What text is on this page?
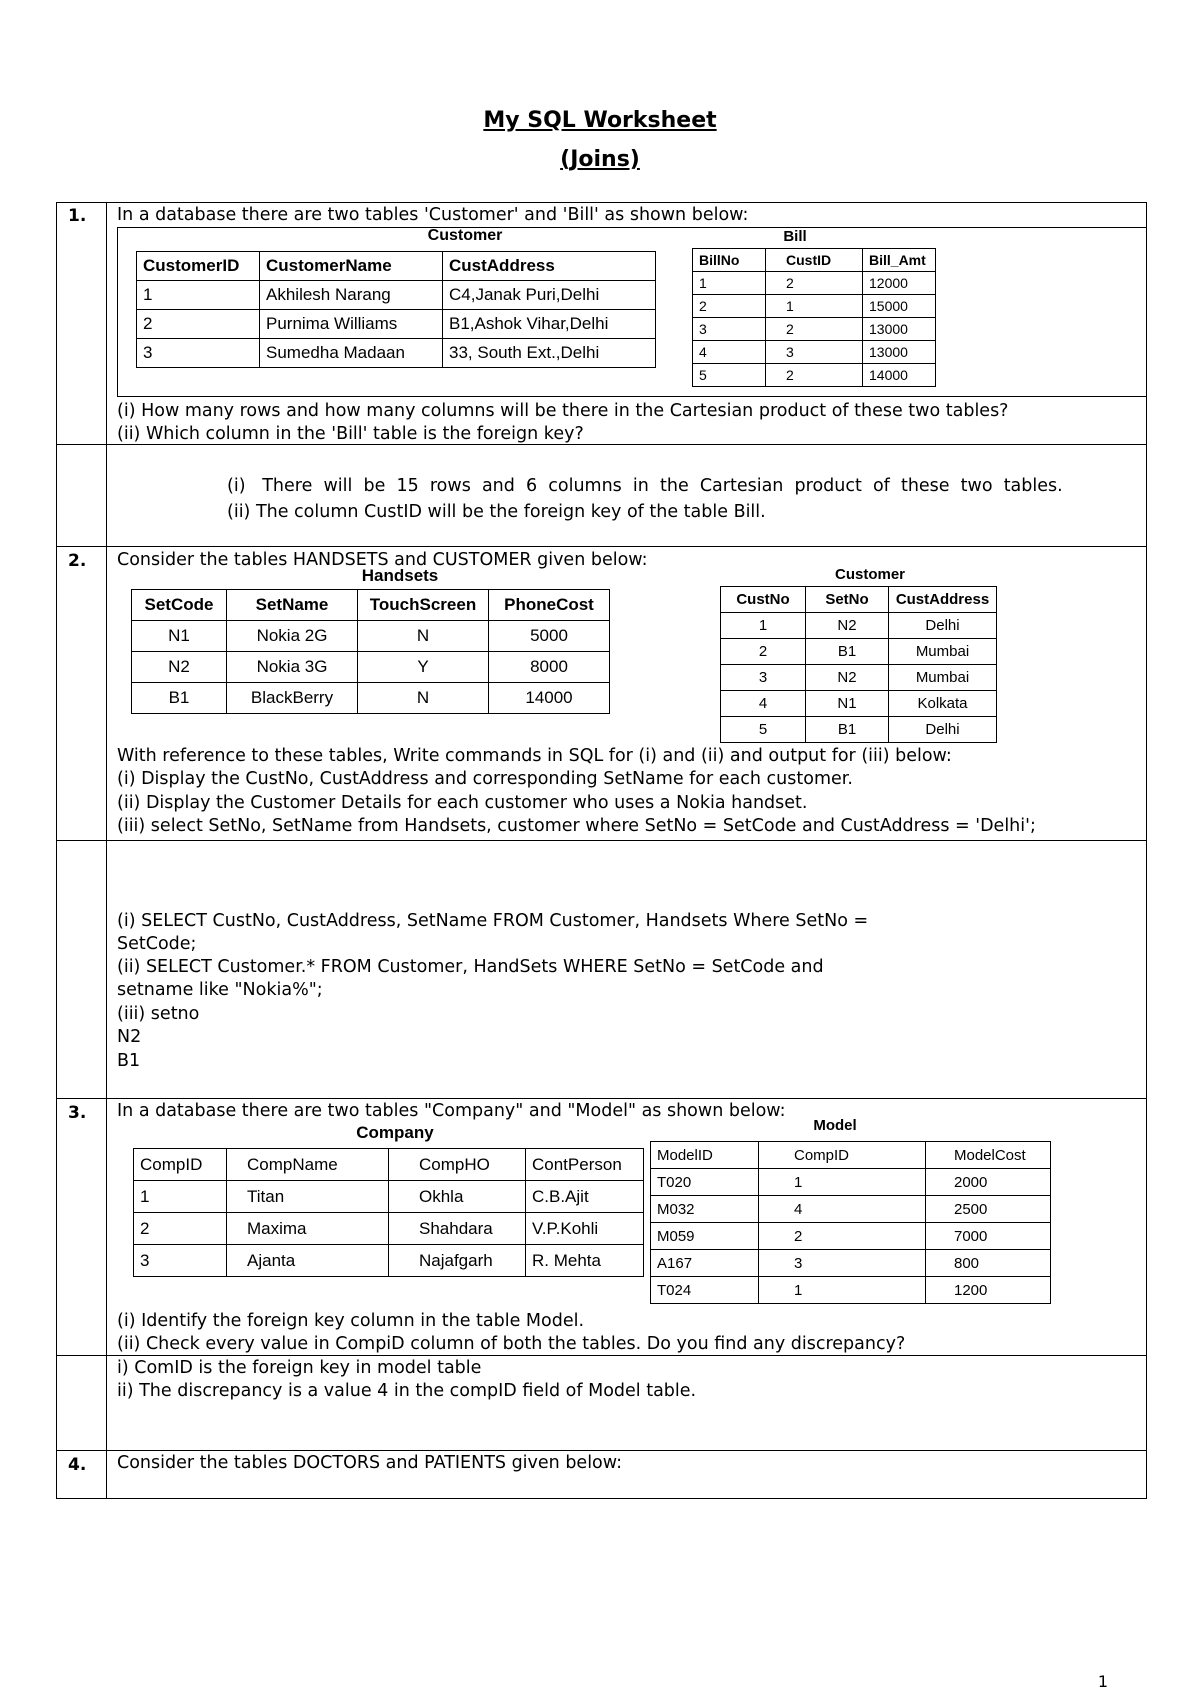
My SQL Worksheet
(Joins)
1. In a database there are two tables 'Customer' and 'Bill' as shown below:
Customer
CustomerID	CustomerName	CustAddress
1	Akhilesh Narang	C4,Janak Puri,Delhi
2	Purnima Williams	B1,Ashok Vihar,Delhi
3	Sumedha Madaan	33, South Ext.,Delhi
Bill
BillNo	CustID	Bill_Amt
1	2	12000
2	1	15000
3	2	13000
4	3	13000
5	2	14000
(i) How many rows and how many columns will be there in the Cartesian product of these two tables?
(ii) Which column in the 'Bill' table is the foreign key?
(i)   There  will  be  15  rows  and  6  columns  in  the  Cartesian  product  of  these  two  tables.
(ii) The column CustID will be the foreign key of the table Bill.
2. Consider the tables HANDSETS and CUSTOMER given below:
Handsets
SetCode	SetName	TouchScreen	PhoneCost
N1	Nokia 2G	N	5000
N2	Nokia 3G	Y	8000
B1	BlackBerry	N	14000
Customer
CustNo	SetNo	CustAddress
1	N2	Delhi
2	B1	Mumbai
3	N2	Mumbai
4	N1	Kolkata
5	B1	Delhi
With reference to these tables, Write commands in SQL for (i) and (ii) and output for (iii) below:
(i) Display the CustNo, CustAddress and corresponding SetName for each customer.
(ii) Display the Customer Details for each customer who uses a Nokia handset.
(iii) select SetNo, SetName from Handsets, customer where SetNo = SetCode and CustAddress = 'Delhi';
(i) SELECT CustNo, CustAddress, SetName FROM Customer, Handsets Where SetNo =
SetCode;
(ii) SELECT Customer.* FROM Customer, HandSets WHERE SetNo = SetCode and
setname like "Nokia%";
(iii) setno
N2
B1
3. In a database there are two tables "Company" and "Model" as shown below:
Company
CompID	CompName	CompHO	ContPerson
1	Titan	Okhla	C.B.Ajit
2	Maxima	Shahdara	V.P.Kohli
3	Ajanta	Najafgarh	R. Mehta
Model
ModelID	CompID	ModelCost
T020	1	2000
M032	4	2500
M059	2	7000
A167	3	800
T024	1	1200
(i) Identify the foreign key column in the table Model.
(ii) Check every value in CompiD column of both the tables. Do you find any discrepancy?
i) ComID is the foreign key in model table
ii) The discrepancy is a value 4 in the compID field of Model table.
4. Consider the tables DOCTORS and PATIENTS given below:
1
